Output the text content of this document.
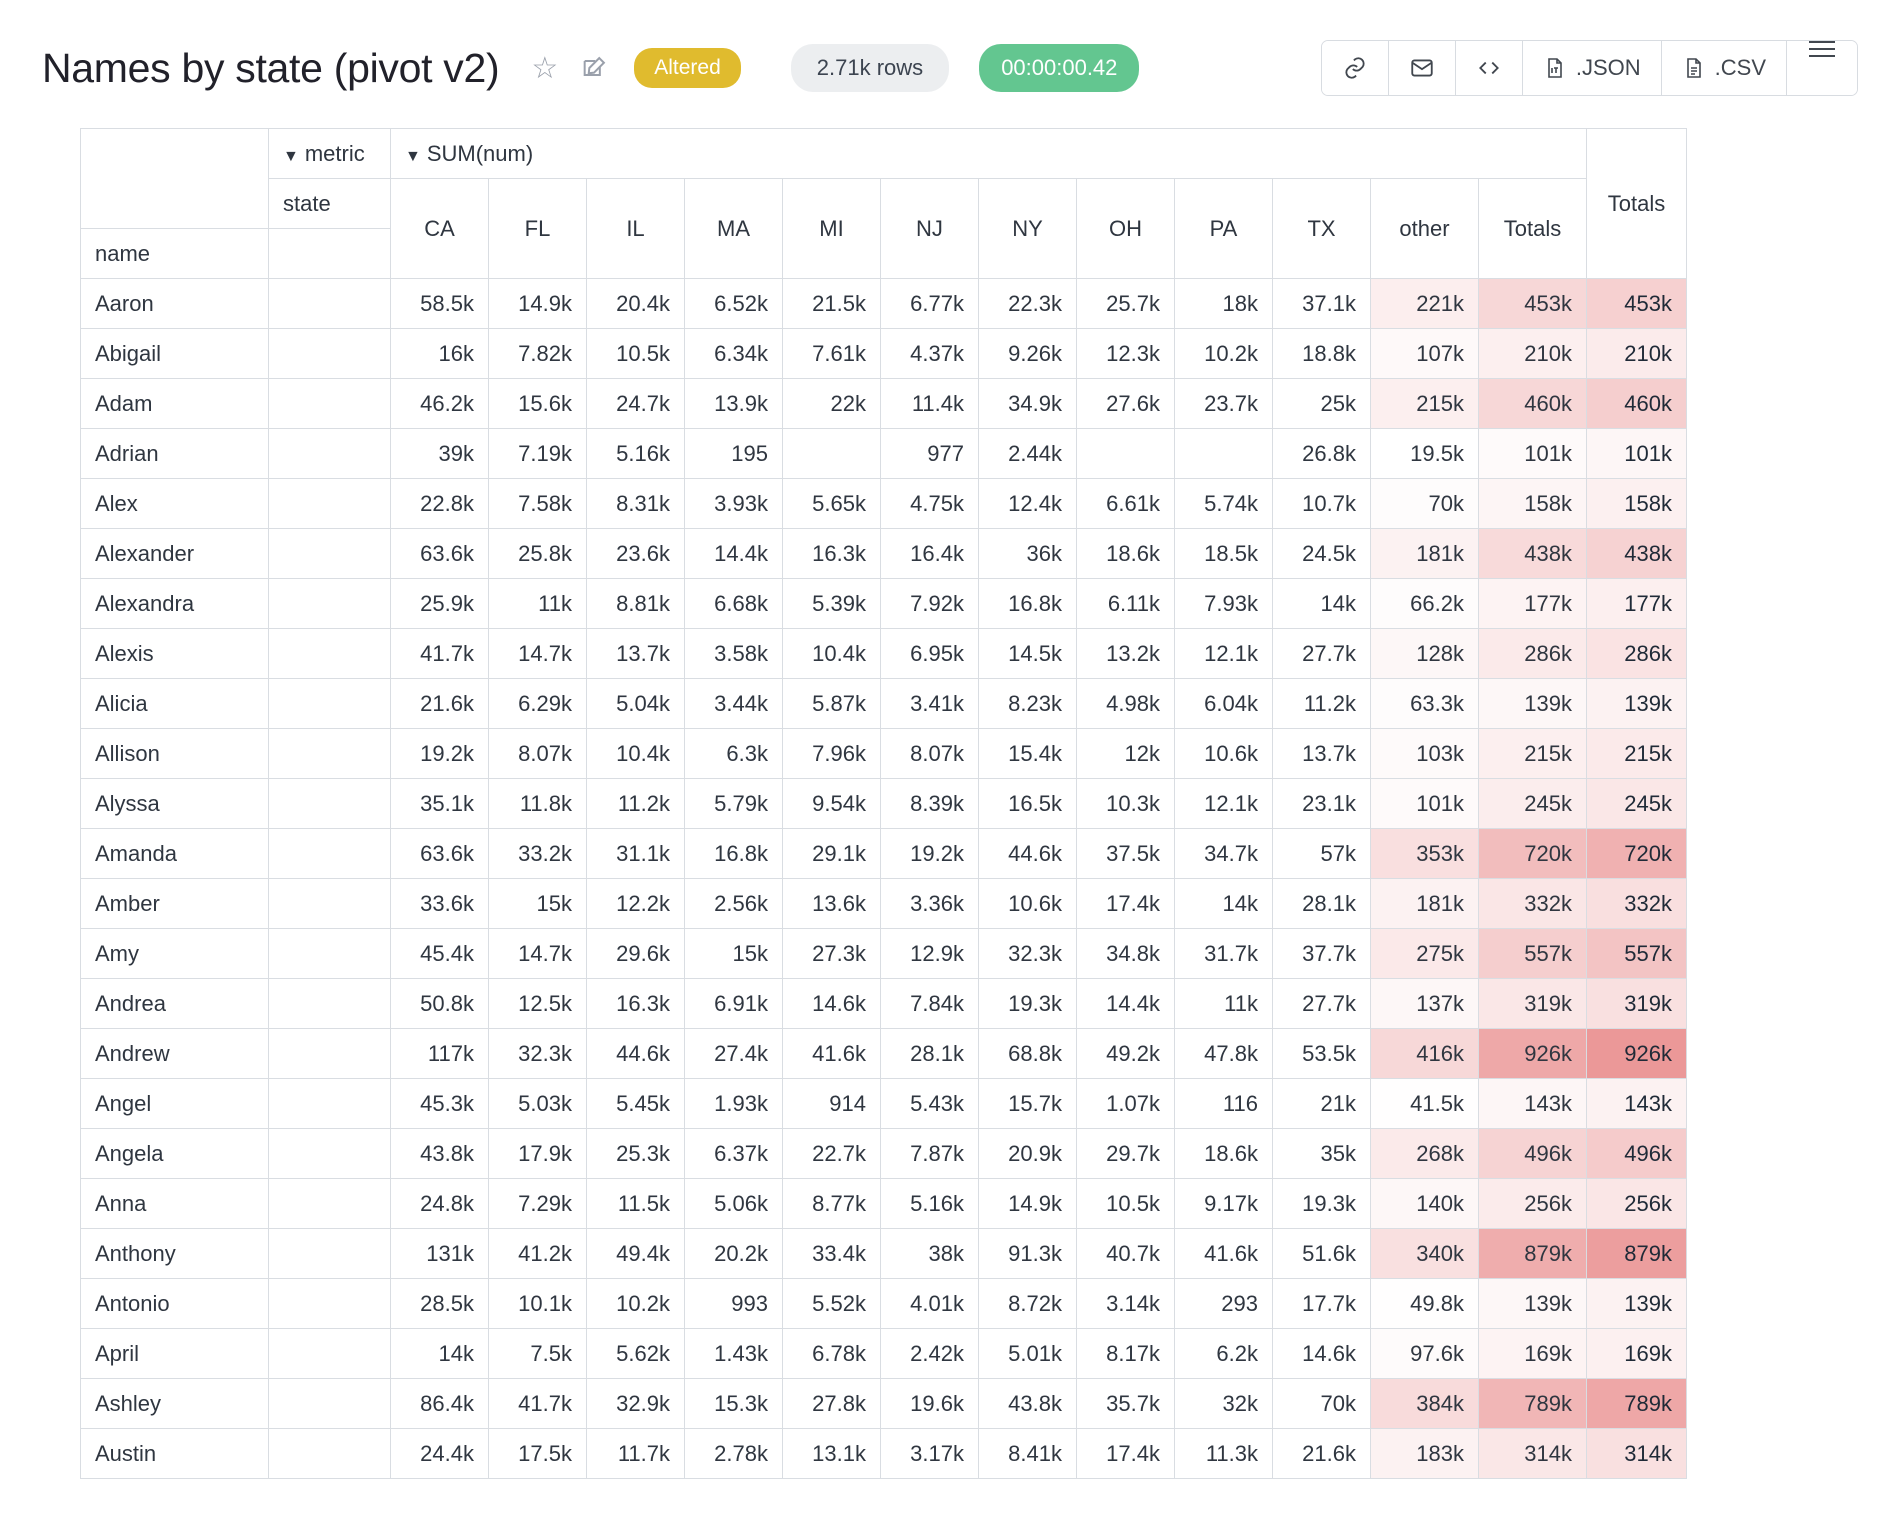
Names by state (pivot v2) ☆	Altered	2.71k rows	00:00:00.42	.JSON	.CSV
	▼ metric	▼ SUM(num)												Totals
	state	CA	FL	IL	MA	MI	NJ	NY	OH	PA	TX	other	Totals	
name														
Aaron		58.5k	14.9k	20.4k	6.52k	21.5k	6.77k	22.3k	25.7k	18k	37.1k	221k	453k	453k
Abigail		16k	7.82k	10.5k	6.34k	7.61k	4.37k	9.26k	12.3k	10.2k	18.8k	107k	210k	210k
Adam		46.2k	15.6k	24.7k	13.9k	22k	11.4k	34.9k	27.6k	23.7k	25k	215k	460k	460k
Adrian		39k	7.19k	5.16k	195		977	2.44k			26.8k	19.5k	101k	101k
Alex		22.8k	7.58k	8.31k	3.93k	5.65k	4.75k	12.4k	6.61k	5.74k	10.7k	70k	158k	158k
Alexander		63.6k	25.8k	23.6k	14.4k	16.3k	16.4k	36k	18.6k	18.5k	24.5k	181k	438k	438k
Alexandra		25.9k	11k	8.81k	6.68k	5.39k	7.92k	16.8k	6.11k	7.93k	14k	66.2k	177k	177k
Alexis		41.7k	14.7k	13.7k	3.58k	10.4k	6.95k	14.5k	13.2k	12.1k	27.7k	128k	286k	286k
Alicia		21.6k	6.29k	5.04k	3.44k	5.87k	3.41k	8.23k	4.98k	6.04k	11.2k	63.3k	139k	139k
Allison		19.2k	8.07k	10.4k	6.3k	7.96k	8.07k	15.4k	12k	10.6k	13.7k	103k	215k	215k
Alyssa		35.1k	11.8k	11.2k	5.79k	9.54k	8.39k	16.5k	10.3k	12.1k	23.1k	101k	245k	245k
Amanda		63.6k	33.2k	31.1k	16.8k	29.1k	19.2k	44.6k	37.5k	34.7k	57k	353k	720k	720k
Amber		33.6k	15k	12.2k	2.56k	13.6k	3.36k	10.6k	17.4k	14k	28.1k	181k	332k	332k
Amy		45.4k	14.7k	29.6k	15k	27.3k	12.9k	32.3k	34.8k	31.7k	37.7k	275k	557k	557k
Andrea		50.8k	12.5k	16.3k	6.91k	14.6k	7.84k	19.3k	14.4k	11k	27.7k	137k	319k	319k
Andrew		117k	32.3k	44.6k	27.4k	41.6k	28.1k	68.8k	49.2k	47.8k	53.5k	416k	926k	926k
Angel		45.3k	5.03k	5.45k	1.93k	914	5.43k	15.7k	1.07k	116	21k	41.5k	143k	143k
Angela		43.8k	17.9k	25.3k	6.37k	22.7k	7.87k	20.9k	29.7k	18.6k	35k	268k	496k	496k
Anna		24.8k	7.29k	11.5k	5.06k	8.77k	5.16k	14.9k	10.5k	9.17k	19.3k	140k	256k	256k
Anthony		131k	41.2k	49.4k	20.2k	33.4k	38k	91.3k	40.7k	41.6k	51.6k	340k	879k	879k
Antonio		28.5k	10.1k	10.2k	993	5.52k	4.01k	8.72k	3.14k	293	17.7k	49.8k	139k	139k
April		14k	7.5k	5.62k	1.43k	6.78k	2.42k	5.01k	8.17k	6.2k	14.6k	97.6k	169k	169k
Ashley		86.4k	41.7k	32.9k	15.3k	27.8k	19.6k	43.8k	35.7k	32k	70k	384k	789k	789k
Austin		24.4k	17.5k	11.7k	2.78k	13.1k	3.17k	8.41k	17.4k	11.3k	21.6k	183k	314k	314k
